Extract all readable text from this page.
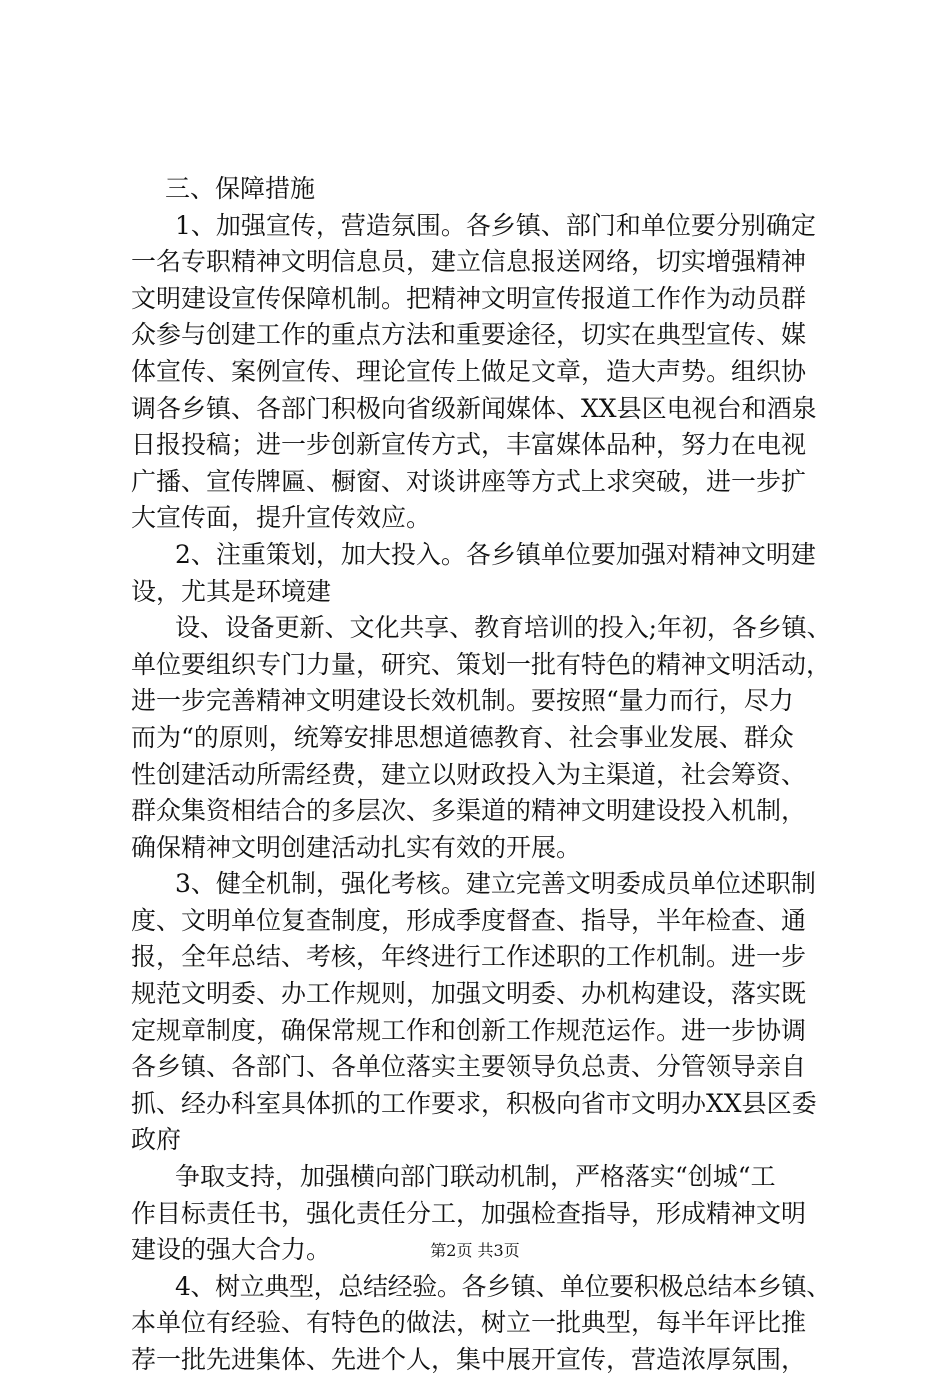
三、保障措施
1、加强宣传，营造氛围。各乡镇、部门和单位要分别确定
一名专职精神文明信息员，建立信息报送网络，切实增强精神
文明建设宣传保障机制。把精神文明宣传报道工作作为动员群
众参与创建工作的重点方法和重要途径，切实在典型宣传、媒
体宣传、案例宣传、理论宣传上做足文章，造大声势。组织协
调各乡镇、各部门积极向省级新闻媒体、XX县区电视台和酒泉
日报投稿；进一步创新宣传方式，丰富媒体品种，努力在电视
广播、宣传牌匾、橱窗、对谈讲座等方式上求突破，进一步扩
大宣传面，提升宣传效应。
2、注重策划，加大投入。各乡镇单位要加强对精神文明建
设，尤其是环境建
设、设备更新、文化共享、教育培训的投入;年初，各乡镇、
单位要组织专门力量，研究、策划一批有特色的精神文明活动，
进一步完善精神文明建设长效机制。要按照“量力而行，尽力
而为“的原则，统筹安排思想道德教育、社会事业发展、群众
性创建活动所需经费，建立以财政投入为主渠道，社会筹资、
群众集资相结合的多层次、多渠道的精神文明建设投入机制，
确保精神文明创建活动扎实有效的开展。
3、健全机制，强化考核。建立完善文明委成员单位述职制
度、文明单位复查制度，形成季度督查、指导，半年检查、通
报，全年总结、考核，年终进行工作述职的工作机制。进一步
规范文明委、办工作规则，加强文明委、办机构建设，落实既
定规章制度，确保常规工作和创新工作规范运作。进一步协调
各乡镇、各部门、各单位落实主要领导负总责、分管领导亲自
抓、经办科室具体抓的工作要求，积极向省市文明办XX县区委
政府
争取支持，加强横向部门联动机制，严格落实“创城“工
作目标责任书，强化责任分工，加强检查指导，形成精神文明
建设的强大合力。
4、树立典型，总结经验。各乡镇、单位要积极总结本乡镇、
本单位有经验、有特色的做法，树立一批典型，每半年评比推
荐一批先进集体、先进个人，集中展开宣传，营造浓厚氛围，
第2页 共3页
